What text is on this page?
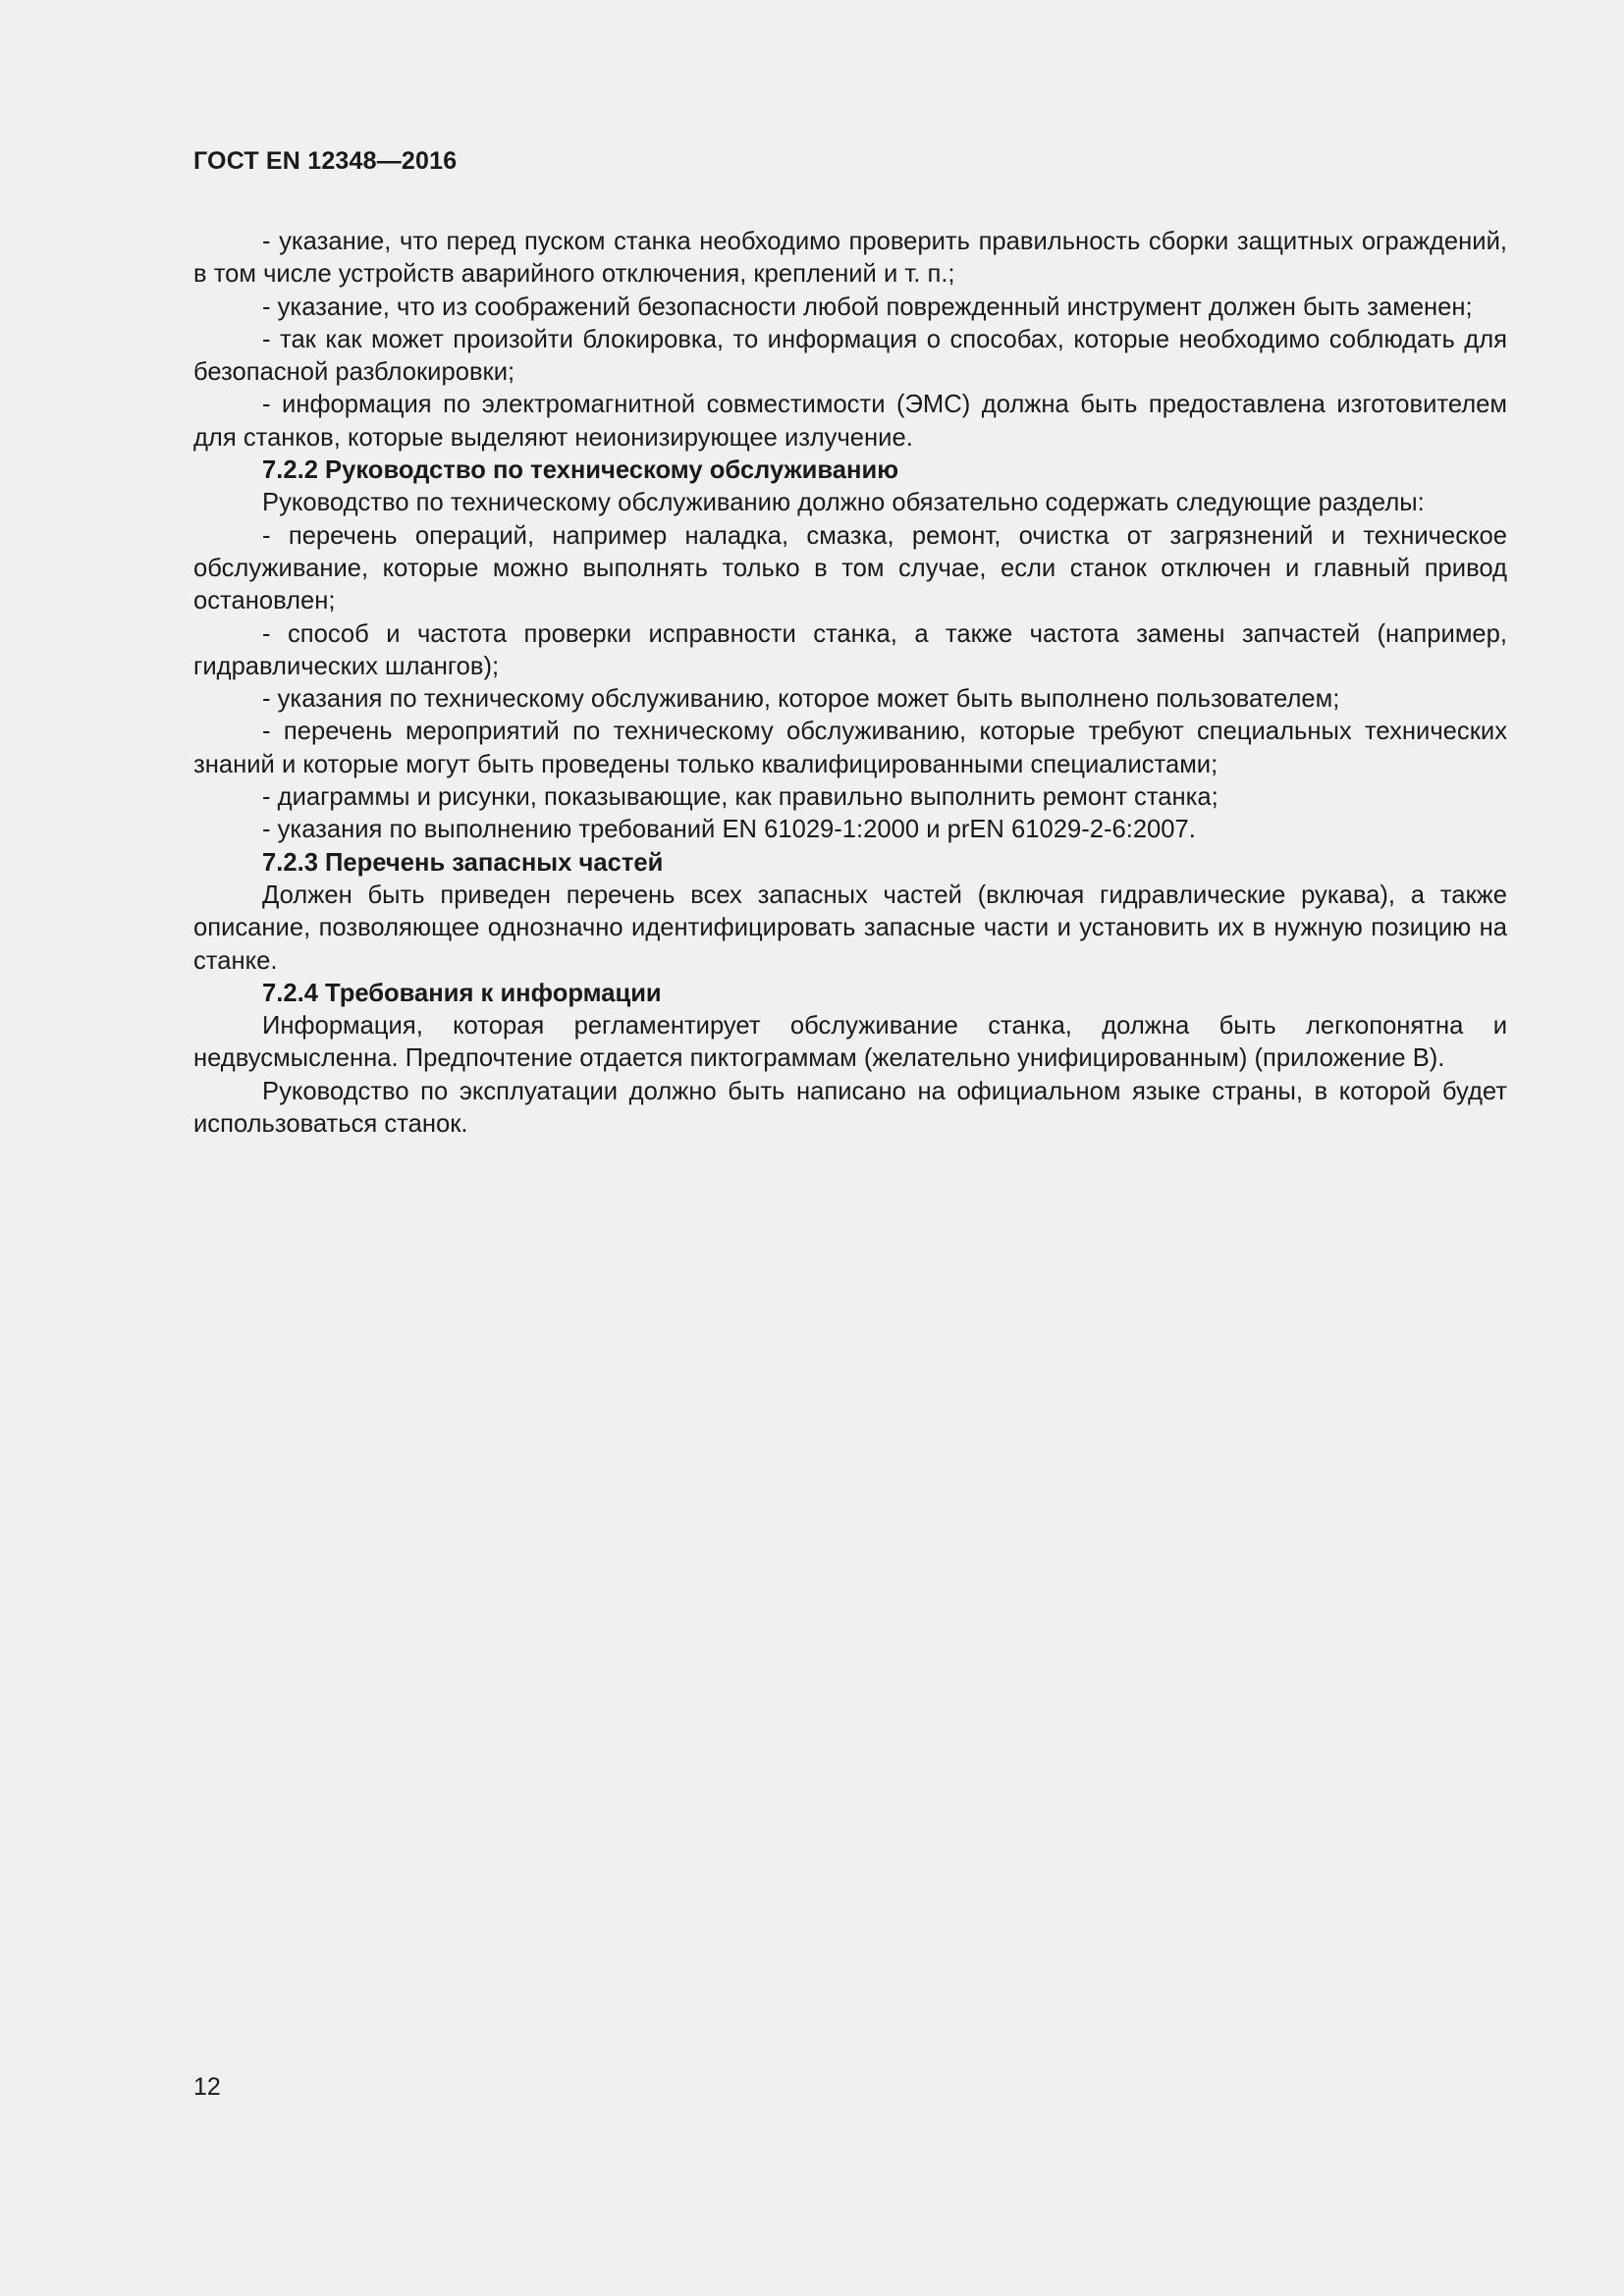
ГОСТ EN 12348—2016

- указание, что перед пуском станка необходимо проверить правильность сборки защитных ограждений, в том числе устройств аварийного отключения, креплений и т. п.;

- указание, что из соображений безопасности любой поврежденный инструмент должен быть заменен;

- так как может произойти блокировка, то информация о способах, которые необходимо соблюдать для безопасной разблокировки;

- информация по электромагнитной совместимости (ЭМС) должна быть предоставлена изготовителем для станков, которые выделяют неионизирующее излучение.

7.2.2 Руководство по техническому обслуживанию

Руководство по техническому обслуживанию должно обязательно содержать следующие разделы:

- перечень операций, например наладка, смазка, ремонт, очистка от загрязнений и техническое обслуживание, которые можно выполнять только в том случае, если станок отключен и главный привод остановлен;

- способ и частота проверки исправности станка, а также частота замены запчастей (например, гидравлических шлангов);

- указания по техническому обслуживанию, которое может быть выполнено пользователем;

- перечень мероприятий по техническому обслуживанию, которые требуют специальных технических знаний и которые могут быть проведены только квалифицированными специалистами;

- диаграммы и рисунки, показывающие, как правильно выполнить ремонт станка;

- указания по выполнению требований EN 61029-1:2000 и prEN 61029-2-6:2007.

7.2.3 Перечень запасных частей

Должен быть приведен перечень всех запасных частей (включая гидравлические рукава), а также описание, позволяющее однозначно идентифицировать запасные части и установить их в нужную позицию на станке.

7.2.4 Требования к информации

Информация, которая регламентирует обслуживание станка, должна быть легкопонятна и недвусмысленна. Предпочтение отдается пиктограммам (желательно унифицированным) (приложение В).

Руководство по эксплуатации должно быть написано на официальном языке страны, в которой будет использоваться станок.

12
